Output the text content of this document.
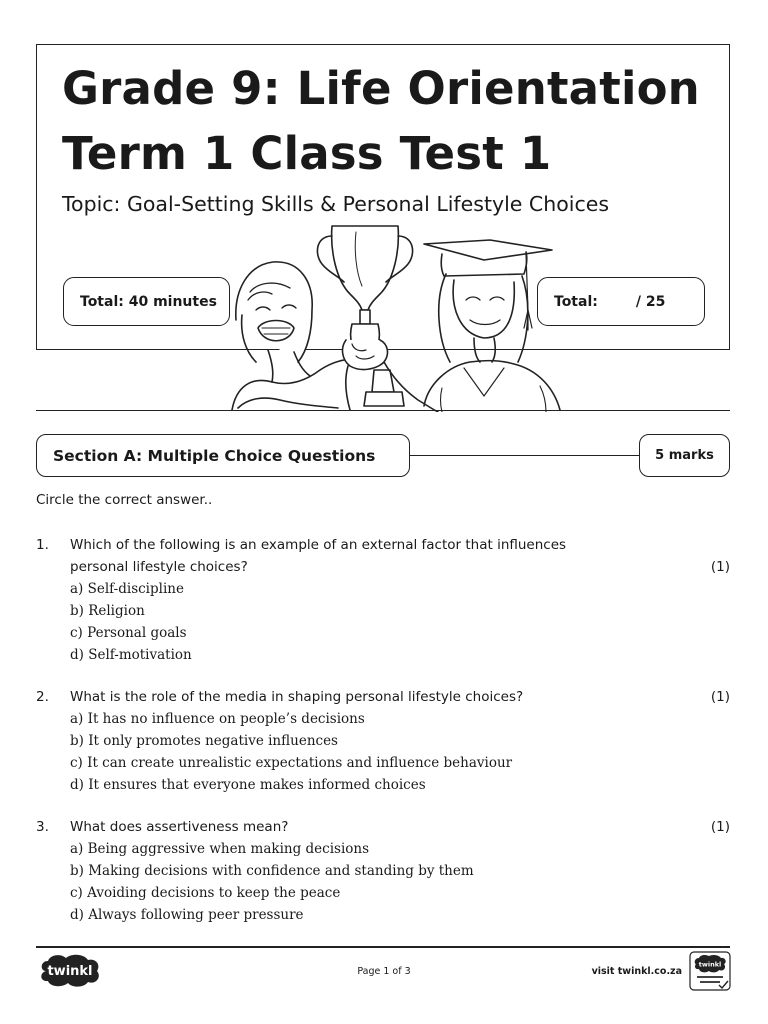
Grade 9: Life Orientation
Term 1 Class Test 1
Topic: Goal-Setting Skills & Personal Lifestyle Choices
Total: 40 minutes	Total:	/ 25
Section A: Multiple Choice Questions	5 marks
Circle the correct answer..
1. Which of the following is an example of an external factor that influences
personal lifestyle choices?	(1)
a) Self-discipline
b) Religion
c) Personal goals
d) Self-motivation
2. What is the role of the media in shaping personal lifestyle choices?	(1)
a) It has no influence on people’s decisions
b) It only promotes negative influences
c) It can create unrealistic expectations and influence behaviour
d) It ensures that everyone makes informed choices
3. What does assertiveness mean?	(1)
a) Being aggressive when making decisions
b) Making decisions with confidence and standing by them
c) Avoiding decisions to keep the peace
d) Always following peer pressure
twinkl	Page 1 of 3	visit twinkl.co.za
twinkl
